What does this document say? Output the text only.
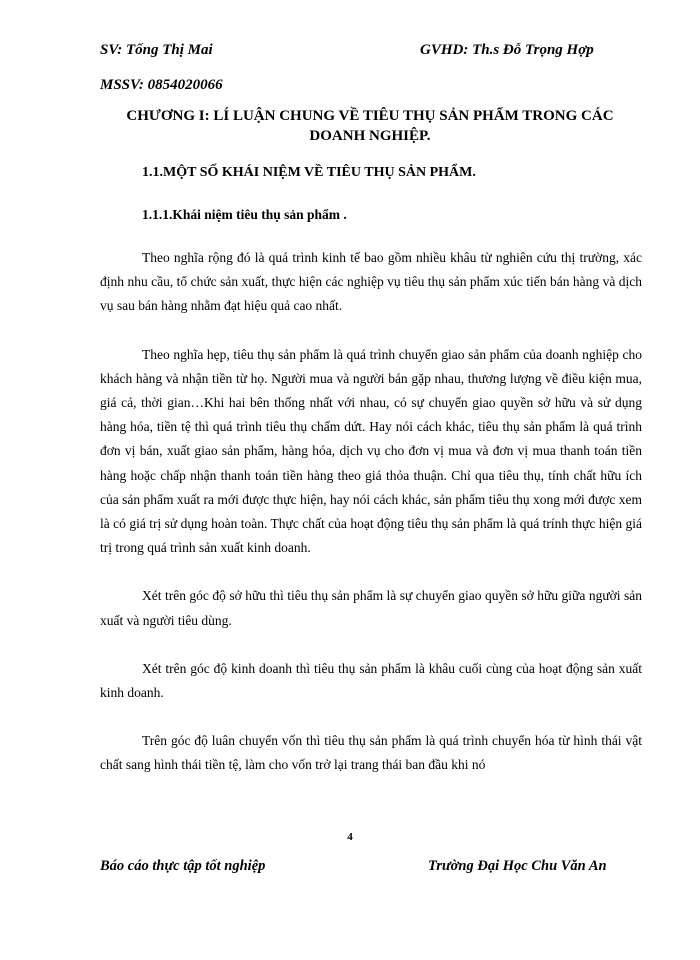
SV: Tống Thị Mai	GVHD: Th.s Đỗ Trọng Hợp
MSSV: 0854020066
CHƯƠNG I: LÍ LUẬN CHUNG VỀ TIÊU THỤ SẢN PHẨM TRONG CÁC DOANH NGHIỆP.
1.1.MỘT SỐ KHÁI NIỆM VỀ TIÊU THỤ SẢN PHẨM.
1.1.1.Khái niệm tiêu thụ sản phẩm .

Theo nghĩa rộng đó là quá trình kinh tế bao gồm nhiều khâu từ nghiên cứu thị trường, xác định nhu cầu, tổ chức sản xuất, thực hiện các nghiệp vụ tiêu thụ sản phẩm xúc tiến bán hàng và dịch vụ sau bán hàng nhằm đạt hiệu quả cao nhất.

Theo nghĩa hẹp, tiêu thụ sản phẩm là quá trình chuyển giao sản phẩm của doanh nghiệp cho khách hàng và nhận tiền từ họ. Người mua và người bán gặp nhau, thương lượng về điều kiện mua, giá cả, thời gian…Khi hai bên thống nhất với nhau, có sự chuyển giao quyền sở hữu và sử dụng hàng hóa, tiền tệ thì quá trình tiêu thụ chấm dứt. Hay nói cách khác, tiêu thụ sản phẩm là quá trình đơn vị bán, xuất giao sản phẩm, hàng hóa, dịch vụ cho đơn vị mua và đơn vị mua thanh toán tiền hàng hoặc chấp nhận thanh toán tiền hàng theo giá thỏa thuận. Chỉ qua tiêu thụ, tính chất hữu ích của sản phẩm xuất ra mới được thực hiện, hay nói cách khác, sản phẩm tiêu thụ xong mới được xem là có giá trị sử dụng hoàn toàn. Thực chất của hoạt động tiêu thụ sản phẩm là quá trính thực hiện giá trị trong quá trình sản xuất kinh doanh.

Xét trên góc độ sở hữu thì tiêu thụ sản phẩm là sự chuyển giao quyền sở hữu giữa người sản xuất và người tiêu dùng.

Xét trên góc độ kinh doanh thì tiêu thụ sản phẩm là khâu cuối cùng của hoạt động sản xuất kinh doanh.

Trên góc độ luân chuyển vốn thì tiêu thụ sản phẩm là quá trình chuyển hóa từ hình thái vật chất sang hình thái tiền tệ, làm cho vốn trở lại trang thái ban đầu khi nó

4
Báo cáo thực tập tốt nghiệp	Trường Đại Học Chu Văn An
